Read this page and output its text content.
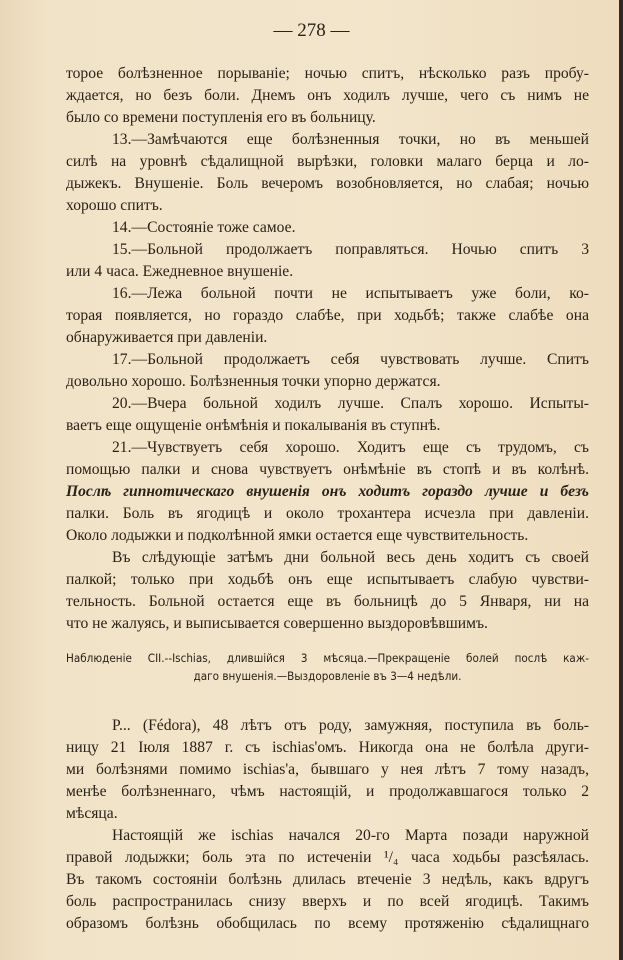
— 278 —
торое болѣзненное порываніе; ночью спитъ, нѣсколько разъ пробу-
ждается, но безъ боли. Днемъ онъ ходилъ лучше, чего съ нимъ не
было со времени поступленія его въ больницу.
13.—Замѣчаются еще болѣзненныя точки, но въ меньшей
силѣ на уровнѣ сѣдалищной вырѣзки, головки малаго берца и ло-
дыжекъ. Внушеніе. Боль вечеромъ возобновляется, но слабая; ночью
хорошо спитъ.
14.—Состояніе тоже самое.
15.—Больной продолжаетъ поправляться. Ночью спитъ 3
или 4 часа. Ежедневное внушеніе.
16.—Лежа больной почти не испытываетъ уже боли, ко-
торая появляется, но гораздо слабѣе, при ходьбѣ; также слабѣе она
обнаруживается при давленіи.
17.—Больной продолжаетъ себя чувствовать лучше. Спитъ
довольно хорошо. Болѣзненныя точки упорно держатся.
20.—Вчера больной ходилъ лучше. Спалъ хорошо. Испыты-
ваетъ еще ощущеніе онѣмѣнія и покалыванія въ ступнѣ.
21.—Чувствуетъ себя хорошо. Ходитъ еще съ трудомъ, съ
помощью палки и снова чувствуетъ онѣмѣніе въ стопѣ и въ колѣнѣ.
Послѣ гипнотическаго внушенія онъ ходитъ гораздо лучше и безъ
палки. Боль въ ягодицѣ и около трохантера исчезла при давленіи.
Около лодыжки и подколѣнной ямки остается еще чувствительность.
Въ слѣдующіе затѣмъ дни больной весь день ходитъ съ своей
палкой; только при ходьбѣ онъ еще испытываетъ слабую чувстви-
тельность. Больной остается еще въ больницѣ до 5 Января, ни на
что не жалуясь, и выписывается совершенно выздоровѣвшимъ.
Наблюденіе CII.--Ischias, длившійся 3 мѣсяца.—Прекращеніе болей послѣ каж-
даго внушенія.—Выздоровленіе въ 3—4 недѣли.
P... (Fédora), 48 лѣтъ отъ роду, замужняя, поступила въ боль-
ницу 21 Іюля 1887 г. съ ischias'омъ. Никогда она не болѣла други-
ми болѣзнями помимо ischias'а, бывшаго у нея лѣтъ 7 тому назадъ,
менѣе болѣзненнаго, чѣмъ настоящій, и продолжавшагося только 2
мѣсяца.
Настоящій же ischias начался 20-го Марта позади наружной
правой лодыжки; боль эта по истеченіи ¹/₄ часа ходьбы разсѣялась.
Въ такомъ состояніи болѣзнь длилась втеченіе 3 недѣль, какъ вдругъ
боль распространилась снизу вверхъ и по всей ягодицѣ. Такимъ
образомъ болѣзнь обобщилась по всему протяженію сѣдалищнаго
